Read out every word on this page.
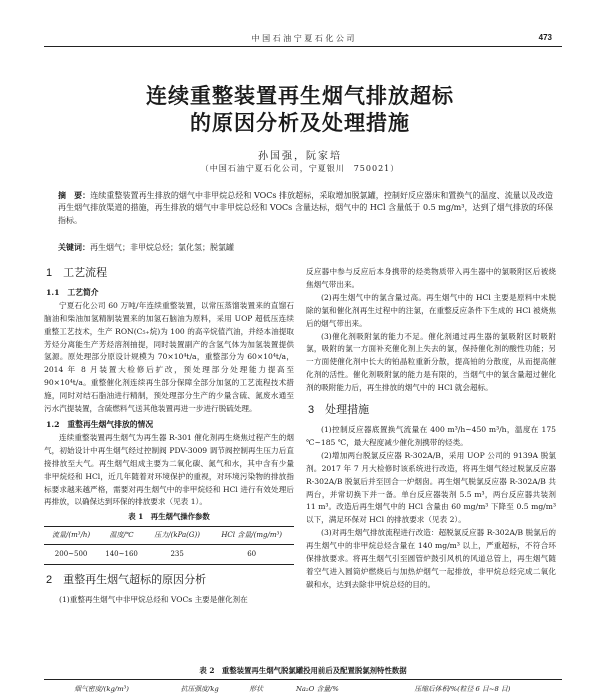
中 国 石 油 宁 夏 石 化 公 司	473
连续重整装置再生烟气排放超标
的原因分析及处理措施
孙国强，阮家培
（中国石油宁夏石化公司，宁夏银川　750021）
摘　要：连续重整装置再生排放的烟气中非甲烷总烃和 VOCs 排放超标，采取增加脱氯罐，控制好反应器床和置换气的温度、流量以及改造再生烟气排放渠道的措施，再生排放的烟气中非甲烷总烃和 VOCs 含量达标，烟气中的 HCl 含量低于 0.5 mg/m³，达到了烟气排放的环保指标。
关键词：再生烟气；非甲烷总烃；氯化氢；脱氯罐
1　工艺流程
1.1　工艺简介

宁夏石化公司 60 万吨/年连续重整装置，以常压蒸馏装置来的直馏石脑油和柴油加氢精制装置来的加氢石脑油为原料，采用 UOP 超低压连续重整工艺技术，生产 RON(C₅₊烷)为 100 的高辛烷值汽油，并经本油提取芳烃分离能生产芳烃溶剂抽提，同时装置副产的含氢气体为加氢装置提供氢源。原处理部分原设计规模为 70×10⁴t/a，重整部分为 60×10⁴t/a，2014 年 8 月装置大检修后扩改，预处理部分处理能力提高至 90×10⁴t/a。重整催化剂连续再生部分保障全部分加氢的工艺流程技术措施，同时对结石脂油进行精制，预处理部分生产的少量含硫、氮废水通至污水汽提装置，含硫燃料气送其他装置再进一步进行脱硫处理。

1.2　重整再生烟气排放的情况

连续重整装置再生烟气为再生器 R-301 催化剂再生烧焦过程产生的烟气，初始设计中再生烟气经过控制阀 PDV-3009 调节阀控制再生压力后直接排放至大气。再生烟气组成主要为二氧化碳、氮气和水，其中含有少量非甲烷烃和 HCl，近几年随着对环境保护的重视，对环境污染物的排放指标要求越来越严格，需要对再生烟气中的非甲烷烃和 HCl 进行有效处理后再排放，以确保达到环保的排放要求（见表 1）。

表 1　再生烟气操作参数
流量/(m³/h)	温度/℃	压力/(kPa(G))	HCl 含量/(mg/m³)
200~500	140~160	235	60
2　重整再生烟气超标的原因分析

(1)重整再生烟气中非甲烷总烃和 VOCs 主要是催化剂在

反应器中参与反应后本身携带的烃类物质带入再生器中的氯吸附区后被烧焦烟气带出来。

(2)再生烟气中的氯含量过高。再生烟气中的 HCl 主要是原料中未脱除的氯和催化剂再生过程中的注氯，在重整反应条件下生成的 HCl 被烧焦后的烟气带出来。

(3)催化剂吸附氯的能力不足。催化剂通过再生器的氯吸附区时吸附氯，吸附的氯一方面补充催化剂上失去的氯，保持催化剂的酸性功能；另一方面使催化剂中长大的铂晶粒重新分散，提高铂的分散度，从而提高催化剂的活性。催化剂吸附氯的能力是有限的，当烟气中的氯含量超过催化剂的吸附能力后，再生排放的烟气中的 HCl 就会超标。

3　处理措施

(1)控制反应器底置换气流量在 400 m³/h~450 m³/h，温度在 175 ℃~185 ℃，最大程度减少催化剂携带的烃类。

(2)增加两台脱氯反应器 R-302A/B，采用 UOP 公司的 9139A 脱氯剂。2017 年 7 月大检修时该系统进行改造，将再生烟气经过脱氯反应器 R-302A/B 脱氯后并至回合一炉烟囱。再生烟气脱氯反应器 R-302A/B 共两台，并常切换下并一备。单台反应器装剂 5.5 m³，两台反应器共装剂 11 m³。改造后再生烟气中的 HCl 含量由 60 mg/m³ 下降至 0.5 mg/m³ 以下，满足环保对 HCl 的排放要求（见表 2）。

(3)对再生烟气排放流程进行改造：超脱氯反应器 R-302A/B 脱氯后的再生烟气中的非甲烷总烃含量在 140 mg/m³ 以上，严重超标，不符合环保排放要求。将再生烟气引至圆管炉鼓引风机的风道总管上，再生烟气随着空气进入圆筒炉燃烧后与加热炉烟气一起排放，非甲烷总烃完成二氧化碳和水，达到去除非甲烷总烃的目的。

表 2　重整装置再生烟气脱氯罐投用前后及配置脱氯剂特性数据
烟气密度/(kg/m³)	抗压强度/kg	形状	Na₂O 含量/%	压缩后体积/%(粒径 6 目~8 目)
